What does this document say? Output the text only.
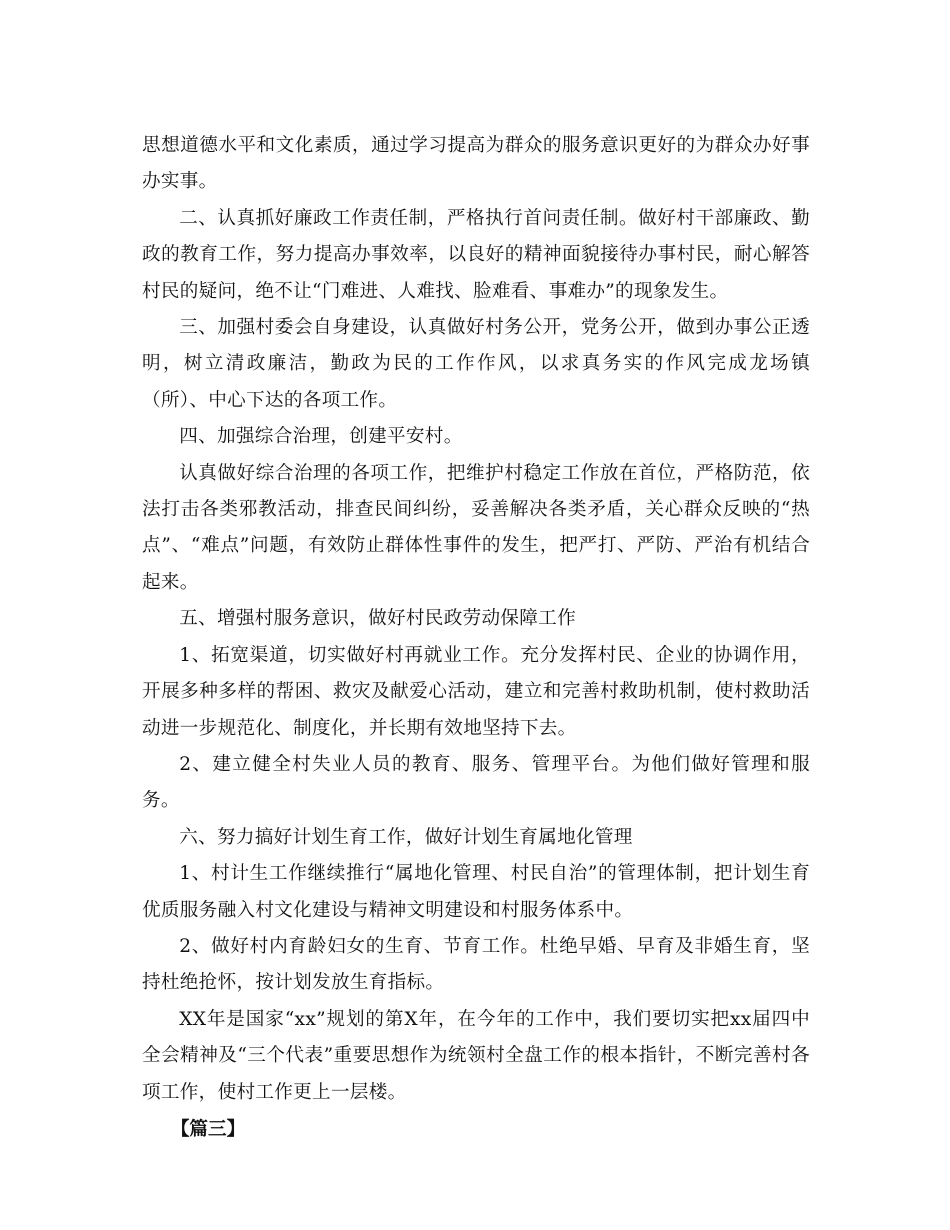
思想道德水平和文化素质，通过学习提高为群众的服务意识更好的为群众办好事办实事。

二、认真抓好廉政工作责任制，严格执行首问责任制。做好村干部廉政、勤政的教育工作，努力提高办事效率，以良好的精神面貌接待办事村民，耐心解答村民的疑问，绝不让“门难进、人难找、脸难看、事难办”的现象发生。

三、加强村委会自身建设，认真做好村务公开，党务公开，做到办事公正透明，树立清政廉洁，勤政为民的工作作风，以求真务实的作风完成龙场镇（所）、中心下达的各项工作。

四、加强综合治理，创建平安村。

认真做好综合治理的各项工作，把维护村稳定工作放在首位，严格防范，依法打击各类邪教活动，排查民间纠纷，妥善解决各类矛盾，关心群众反映的“热点”、“难点”问题，有效防止群体性事件的发生，把严打、严防、严治有机结合起来。

五、增强村服务意识，做好村民政劳动保障工作

1、拓宽渠道，切实做好村再就业工作。充分发挥村民、企业的协调作用，开展多种多样的帮困、救灾及献爱心活动，建立和完善村救助机制，使村救助活动进一步规范化、制度化，并长期有效地坚持下去。

2、建立健全村失业人员的教育、服务、管理平台。为他们做好管理和服务。

六、努力搞好计划生育工作，做好计划生育属地化管理

1、村计生工作继续推行“属地化管理、村民自治”的管理体制，把计划生育优质服务融入村文化建设与精神文明建设和村服务体系中。

2、做好村内育龄妇女的生育、节育工作。杜绝早婚、早育及非婚生育，坚持杜绝抢怀，按计划发放生育指标。

XX年是国家“xx”规划的第X年，在今年的工作中，我们要切实把xx届四中全会精神及“三个代表”重要思想作为统领村全盘工作的根本指针，不断完善村各项工作，使村工作更上一层楼。

【篇三】
